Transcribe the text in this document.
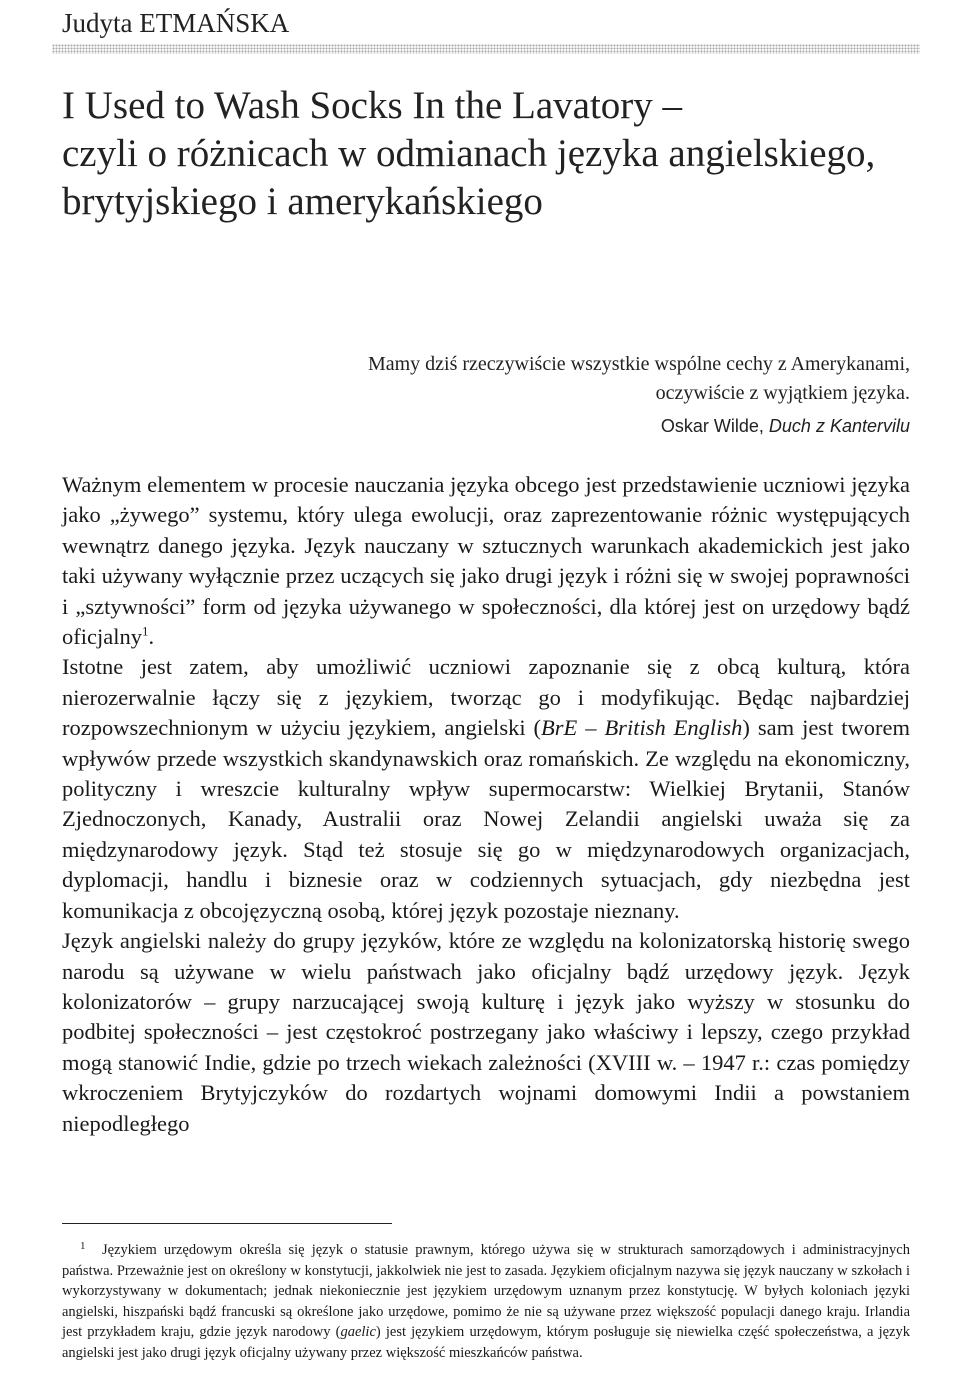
Judyta ETMAŃSKA
I Used to Wash Socks In the Lavatory –
czyli o różnicach w odmianach języka angielskiego,
brytyjskiego i amerykańskiego
Mamy dziś rzeczywiście wszystkie wspólne cechy z Amerykanami,
oczywiście z wyjątkiem języka.
Oskar Wilde, Duch z Kantervilu

Ważnym elementem w procesie nauczania języka obcego jest przedstawienie uczniowi języka jako „żywego” systemu, który ulega ewolucji, oraz zaprezentowanie różnic występujących wewnątrz danego języka. Język nauczany w sztucznych warunkach akademickich jest jako taki używany wyłącznie przez uczących się jako drugi język i różni się w swojej poprawności i „sztywności” form od języka używanego w społeczności, dla której jest on urzędowy bądź oficjalny$^1$.

Istotne jest zatem, aby umożliwić uczniowi zapoznanie się z obcą kulturą, która nierozerwalnie łączy się z językiem, tworząc go i modyfikując. Będąc najbardziej rozpowszechnionym w użyciu językiem, angielski (BrE – British English) sam jest tworem wpływów przede wszystkich skandynawskich oraz romańskich. Ze względu na ekonomiczny, polityczny i wreszcie kulturalny wpływ supermocarstw: Wielkiej Brytanii, Stanów Zjednoczonych, Kanady, Australii oraz Nowej Zelandii angielski uważa się za międzynarodowy język. Stąd też stosuje się go w międzynarodowych organizacjach, dyplomacji, handlu i biznesie oraz w codziennych sytuacjach, gdy niezbędna jest komunikacja z obcojęzyczną osobą, której język pozostaje nieznany.

Język angielski należy do grupy języków, które ze względu na kolonizatorską historię swego narodu są używane w wielu państwach jako oficjalny bądź urzędowy język. Język kolonizatorów – grupy narzucającej swoją kulturę i język jako wyższy w stosunku do podbitej społeczności – jest częstokroć postrzegany jako właściwy i lepszy, czego przykład mogą stanowić Indie, gdzie po trzech wiekach zależności (XVIII w. – 1947 r.: czas pomiędzy wkroczeniem Brytyjczyków do rozdartych wojnami domowymi Indii a powstaniem niepodległego

1 Językiem urzędowym określa się język o statusie prawnym, którego używa się w strukturach samorządowych i administracyjnych państwa. Przeważnie jest on określony w konstytucji, jakkolwiek nie jest to zasada. Językiem oficjalnym nazywa się język nauczany w szkołach i wykorzystywany w dokumentach; jednak niekoniecznie jest językiem urzędowym uznanym przez konstytucję. W byłych koloniach języki angielski, hiszpański bądź francuski są określone jako urzędowe, pomimo że nie są używane przez większość populacji danego kraju. Irlandia jest przykładem kraju, gdzie język narodowy (gaelic) jest językiem urzędowym, którym posługuje się niewielka część społeczeństwa, a język angielski jest jako drugi język oficjalny używany przez większość mieszkańców państwa.
